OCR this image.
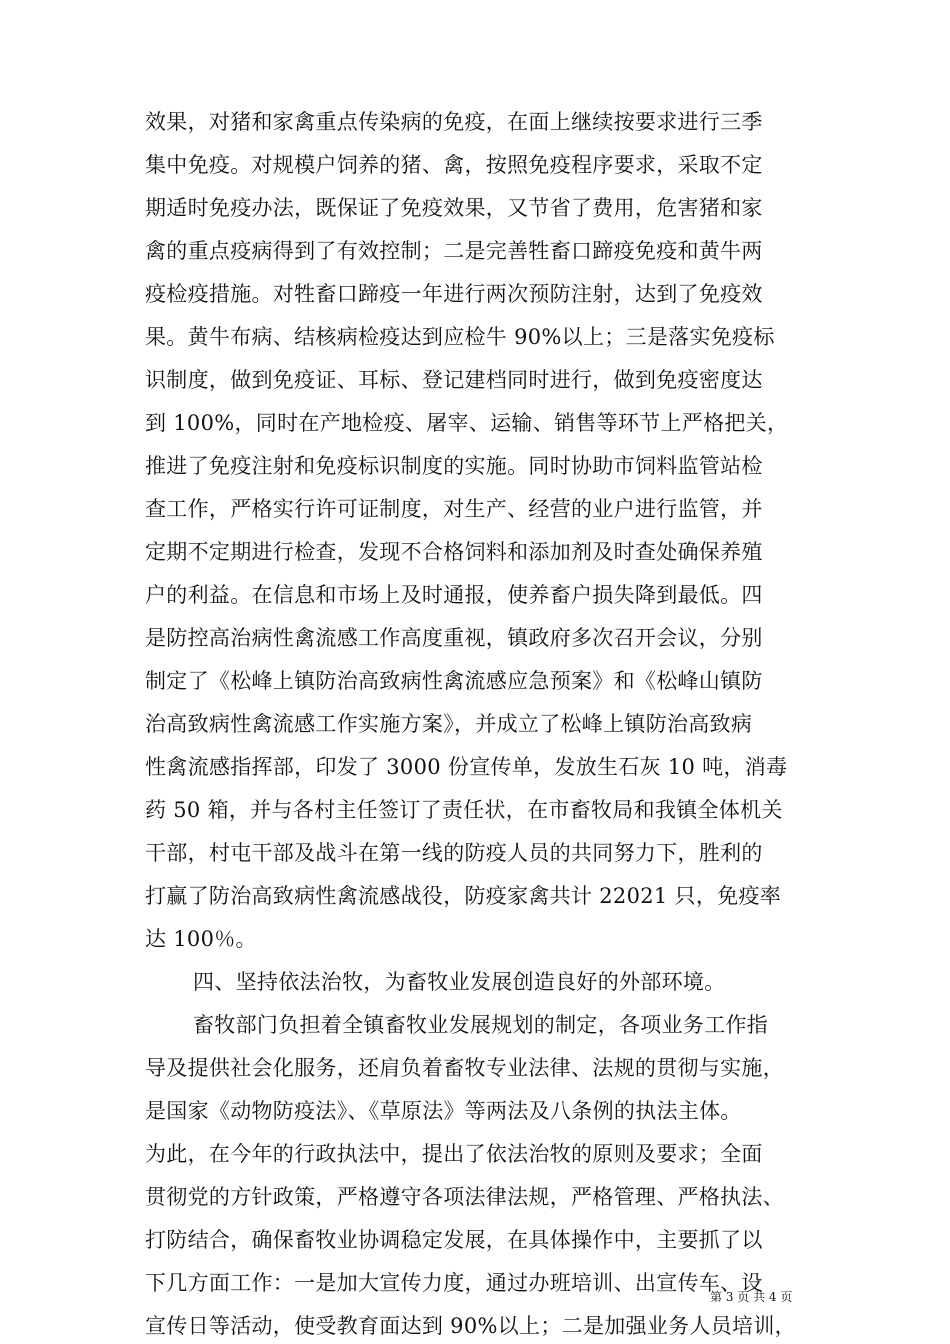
效果，对猪和家禽重点传染病的免疫，在面上继续按要求进行三季
集中免疫。对规模户饲养的猪、禽，按照免疫程序要求，采取不定
期适时免疫办法，既保证了免疫效果，又节省了费用，危害猪和家
禽的重点疫病得到了有效控制；二是完善牲畜口蹄疫免疫和黄牛两
疫检疫措施。对牲畜口蹄疫一年进行两次预防注射，达到了免疫效
果。黄牛布病、结核病检疫达到应检牛 90%以上；三是落实免疫标
识制度，做到免疫证、耳标、登记建档同时进行，做到免疫密度达
到 100%，同时在产地检疫、屠宰、运输、销售等环节上严格把关，
推进了免疫注射和免疫标识制度的实施。同时协助市饲料监管站检
查工作，严格实行许可证制度，对生产、经营的业户进行监管，并
定期不定期进行检查，发现不合格饲料和添加剂及时查处确保养殖
户的利益。在信息和市场上及时通报，使养畜户损失降到最低。四
是防控高治病性禽流感工作高度重视，镇政府多次召开会议，分别
制定了《松峰上镇防治高致病性禽流感应急预案》和《松峰山镇防
治高致病性禽流感工作实施方案》，并成立了松峰上镇防治高致病
性禽流感指挥部，印发了 3000 份宣传单，发放生石灰 10 吨，消毒
药 50 箱，并与各村主任签订了责任状，在市畜牧局和我镇全体机关
干部，村屯干部及战斗在第一线的防疫人员的共同努力下，胜利的
打赢了防治高致病性禽流感战役，防疫家禽共计 22021 只，免疫率
达 100％。
四、坚持依法治牧，为畜牧业发展创造良好的外部环境。
畜牧部门负担着全镇畜牧业发展规划的制定，各项业务工作指
导及提供社会化服务，还肩负着畜牧专业法律、法规的贯彻与实施，
是国家《动物防疫法》、《草原法》等两法及八条例的执法主体。
为此，在今年的行政执法中，提出了依法治牧的原则及要求；全面
贯彻党的方针政策，严格遵守各项法律法规，严格管理、严格执法、
打防结合，确保畜牧业协调稳定发展，在具体操作中，主要抓了以
下几方面工作：一是加大宣传力度，通过办班培训、出宣传车、设
宣传日等活动，使受教育面达到 90%以上；二是加强业务人员培训，
第 3 页 共 4 页
